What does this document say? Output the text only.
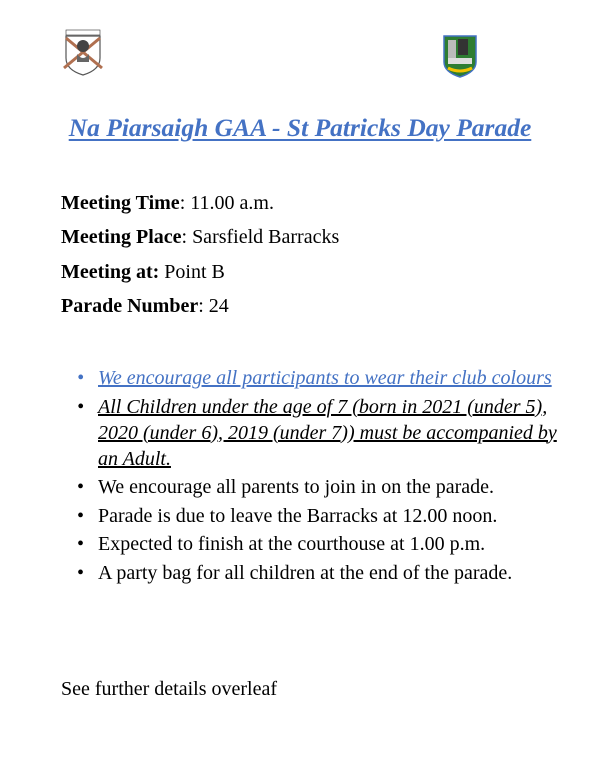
Na Piarsaigh GAA - St Patricks Day Parade
Meeting Time: 11.00 a.m.
Meeting Place: Sarsfield Barracks
Meeting at: Point B
Parade Number: 24
• We encourage all participants to wear their club colours
• All Children under the age of 7 (born in 2021 (under 5), 2020 (under 6), 2019 (under 7)) must be accompanied by an Adult.
• We encourage all parents to join in on the parade.
• Parade is due to leave the Barracks at 12.00 noon.
• Expected to finish at the courthouse at 1.00 p.m.
• A party bag for all children at the end of the parade.
See further details overleaf
